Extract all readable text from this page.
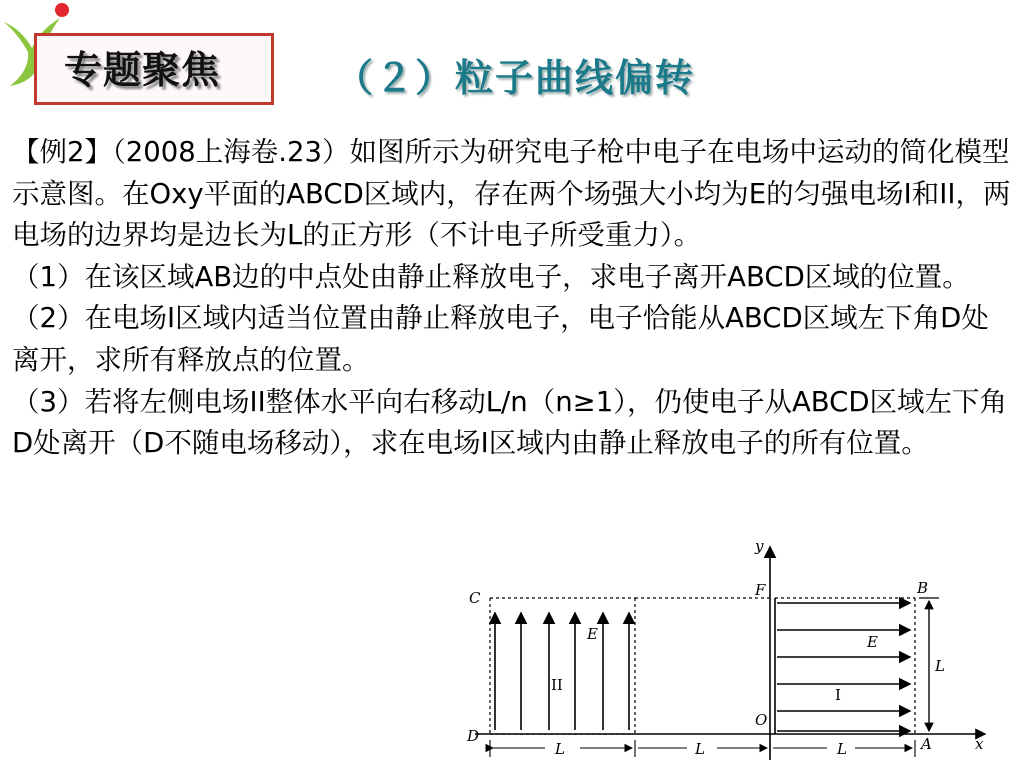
专题聚焦	（２）粒子曲线偏转

【例2】（2008上海卷.23）如图所示为研究电子枪中电子在电场中运动的简化模型示意图。在Oxy平面的ABCD区域内，存在两个场强大小均为E的匀强电场I和II，两电场的边界均是边长为L的正方形（不计电子所受重力）。

（1）在该区域AB边的中点处由静止释放电子，求电子离开ABCD区域的位置。

（2）在电场I区域内适当位置由静止释放电子，电子恰能从ABCD区域左下角D处离开，求所有释放点的位置。

（3）若将左侧电场II整体水平向右移动L/n（n≥1），仍使电子从ABCD区域左下角D处离开（D不随电场移动），求在电场I区域内由静止释放电子的所有位置。

y
C	F	B
E	E
L
O
D	A	x
L	L	L
II
I
